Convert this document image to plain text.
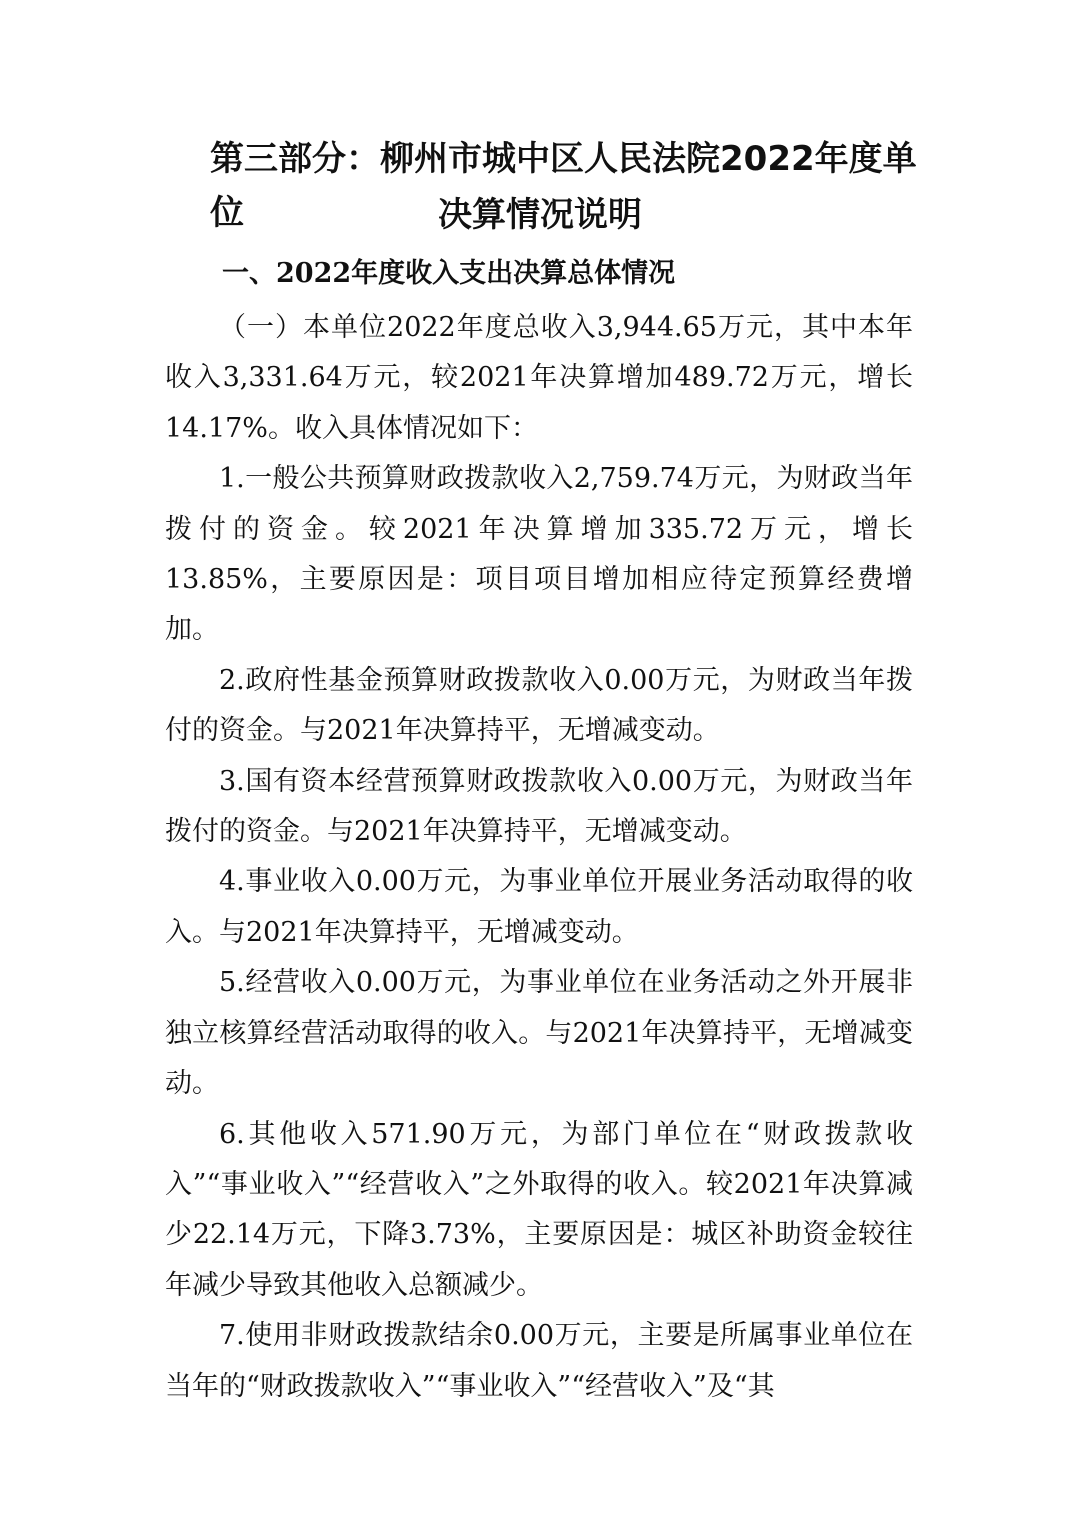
第三部分：柳州市城中区人民法院2022年度单位	决算情况说明
一、2022年度收入支出决算总体情况

（一）本单位2022年度总收入3,944.65万元，其中本年收入3,331.64万元，较2021年决算增加489.72万元，增长14.17%。收入具体情况如下：

1.一般公共预算财政拨款收入2,759.74万元，为财政当年拨付的资金。较2021年决算增加335.72万元，增长13.85%，主要原因是：项目项目增加相应待定预算经费增加。

2.政府性基金预算财政拨款收入0.00万元，为财政当年拨付的资金。与2021年决算持平，无增减变动。

3.国有资本经营预算财政拨款收入0.00万元，为财政当年拨付的资金。与2021年决算持平，无增减变动。

4.事业收入0.00万元，为事业单位开展业务活动取得的收入。与2021年决算持平，无增减变动。

5.经营收入0.00万元，为事业单位在业务活动之外开展非独立核算经营活动取得的收入。与2021年决算持平，无增减变动。

6.其他收入571.90万元，为部门单位在“财政拨款收入”“事业收入”“经营收入”之外取得的收入。较2021年决算减少22.14万元，下降3.73%，主要原因是：城区补助资金较往年减少导致其他收入总额减少。

7.使用非财政拨款结余0.00万元，主要是所属事业单位在当年的“财政拨款收入”“事业收入”“经营收入”及“其
